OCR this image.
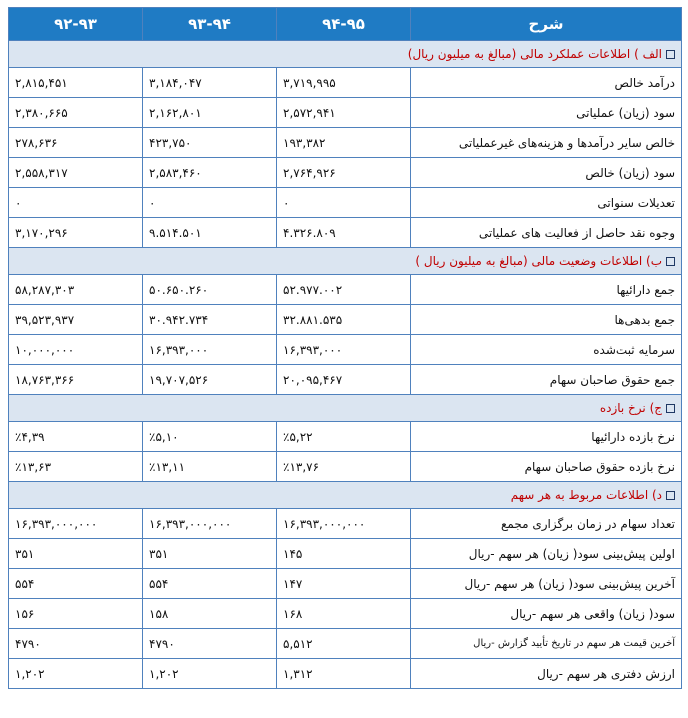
شرح	۹۴-۹۵	۹۳-۹۴	۹۲-۹۳
الف ) اطلاعات عملکرد مالی (مبالغ به میلیون ریال)			
درآمد خالص	۳,۷۱۹,۹۹۵	۳,۱۸۴,۰۴۷	۲,۸۱۵,۴۵۱
سود (زیان) عملیاتی	۲,۵۷۲,۹۴۱	۲,۱۶۲,۸۰۱	۲,۳۸۰,۶۶۵
خالص سایر درآمدها و هزینه‌های غیرعملیاتی	۱۹۳,۳۸۲	۴۲۳,۷۵۰	۲۷۸,۶۳۶
سود (زیان) خالص	۲,۷۶۴,۹۲۶	۲,۵۸۳,۴۶۰	۲,۵۵۸,۳۱۷
تعدیلات سنواتی	۰	۰	۰
وجوه نقد حاصل از فعالیت های عملیاتی	۴.۳۲۶.۸۰۹	۹.۵۱۴.۵۰۱	۳,۱۷۰,۲۹۶
ب) اطلاعات وضعیت مالی (مبالغ به میلیون ریال )			
جمع دارائیها	۵۲.۹۷۷.۰۰۲	۵۰.۶۵۰.۲۶۰	۵۸,۲۸۷,۳۰۳
جمع بدهی‌ها	۳۲.۸۸۱.۵۳۵	۳۰.۹۴۲.۷۳۴	۳۹,۵۲۳,۹۳۷
سرمایه ثبت‌شده	۱۶,۳۹۳,۰۰۰	۱۶,۳۹۳,۰۰۰	۱۰,۰۰۰,۰۰۰
جمع حقوق صاحبان سهام	۲۰,۰۹۵,۴۶۷	۱۹,۷۰۷,۵۲۶	۱۸,۷۶۳,۳۶۶
ج) نرخ بازده			
نرخ بازده دارائیها	٪۵,۲۲	٪۵,۱۰	٪۴,۳۹
نرخ بازده حقوق صاحبان سهام	٪۱۳,۷۶	٪۱۳,۱۱	٪۱۳,۶۳
د) اطلاعات مربوط به هر سهم			
تعداد سهام در زمان برگزاری مجمع	۱۶,۳۹۳,۰۰۰,۰۰۰	۱۶,۳۹۳,۰۰۰,۰۰۰	۱۶,۳۹۳,۰۰۰,۰۰۰
اولین پیش‌بینی سود( زیان) هر سهم -ریال	۱۴۵	۳۵۱	۳۵۱
آخرین پیش‌بینی سود( زیان) هر سهم -ریال	۱۴۷	۵۵۴	۵۵۴
سود( زیان) واقعی هر سهم -ریال	۱۶۸	۱۵۸	۱۵۶
آخرین قیمت هر سهم در تاریخ تأیید گزارش -ریال	۵,۵۱۲	۴۷۹۰	۴۷۹۰
ارزش دفتری هر سهم -ریال	۱,۳۱۲	۱,۲۰۲	۱,۲۰۲
